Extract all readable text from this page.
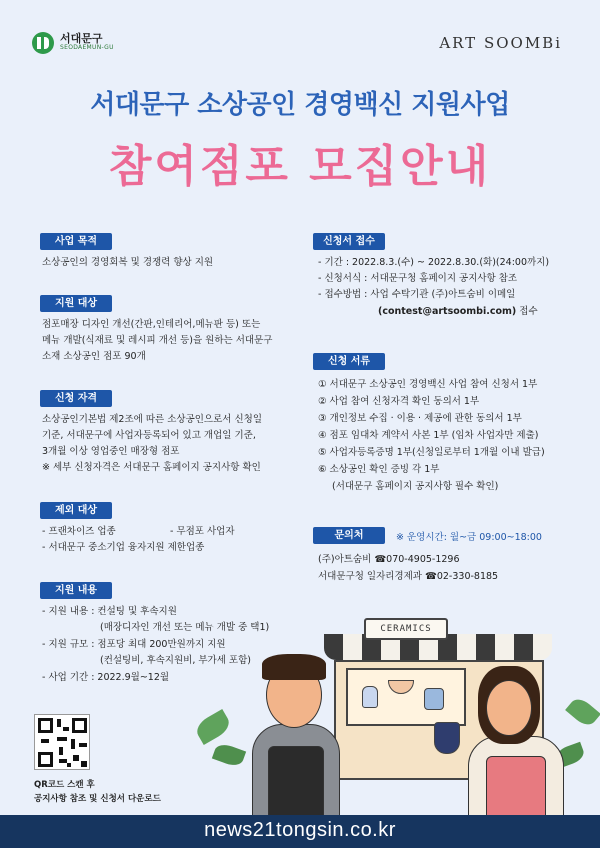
서대문구
SEODAEMUN-GU	ART SOOMBi
서대문구 소상공인 경영백신 지원사업
참여점포 모집안내
사업 목적
소상공인의 경영회복 및 경쟁력 향상 지원
지원 대상
점포매장 디자인 개선(간판,인테리어,메뉴판 등) 또는
메뉴 개발(식재료 및 레시피 개선 등)을 원하는 서대문구
소재 소상공인 점포 90개
신청 자격
소상공인기본법 제2조에 따른 소상공인으로서 신청일
기준, 서대문구에 사업자등록되어 있고 개업일 기준,
3개월 이상 영업중인 매장형 점포
※ 세부 신청자격은 서대문구 홈페이지 공지사항 확인
제외 대상
- 프랜차이즈 업종	- 무점포 사업자
- 서대문구 중소기업 융자지원 제한업종
지원 내용
- 지원 내용 : 컨설팅 및 후속지원
(매장디자인 개선 또는 메뉴 개발 중 택1)
- 지원 규모 : 점포당 최대 200만원까지 지원
(컨설팅비, 후속지원비, 부가세 포함)
- 사업 기간 : 2022.9월~12월
신청서 접수
- 기간 : 2022.8.3.(수) ~ 2022.8.30.(화)(24:00까지)
- 신청서식 : 서대문구청 홈페이지 공지사항 참조
- 접수방법 : 사업 수탁기관 (주)아트숨비 이메일
(contest@artsoombi.com) 접수
신청 서류
① 서대문구 소상공인 경영백신 사업 참여 신청서 1부
② 사업 참여 신청자격 확인 동의서 1부
③ 개인정보 수집 · 이용 · 제공에 관한 동의서 1부
④ 점포 임대차 계약서 사본 1부 (임차 사업자만 제출)
⑤ 사업자등록증명 1부(신청일로부터 1개월 이내 발급)
⑥ 소상공인 확인 증빙 각 1부
(서대문구 홈페이지 공지사항 필수 확인)
문의처	※ 운영시간: 월~금 09:00~18:00
(주)아트숨비 ☎070-4905-1296
서대문구청 일자리경제과 ☎02-330-8185
CERAMICS
QR코드 스캔 후
공지사항 참조 및 신청서 다운로드
news21tongsin.co.kr
